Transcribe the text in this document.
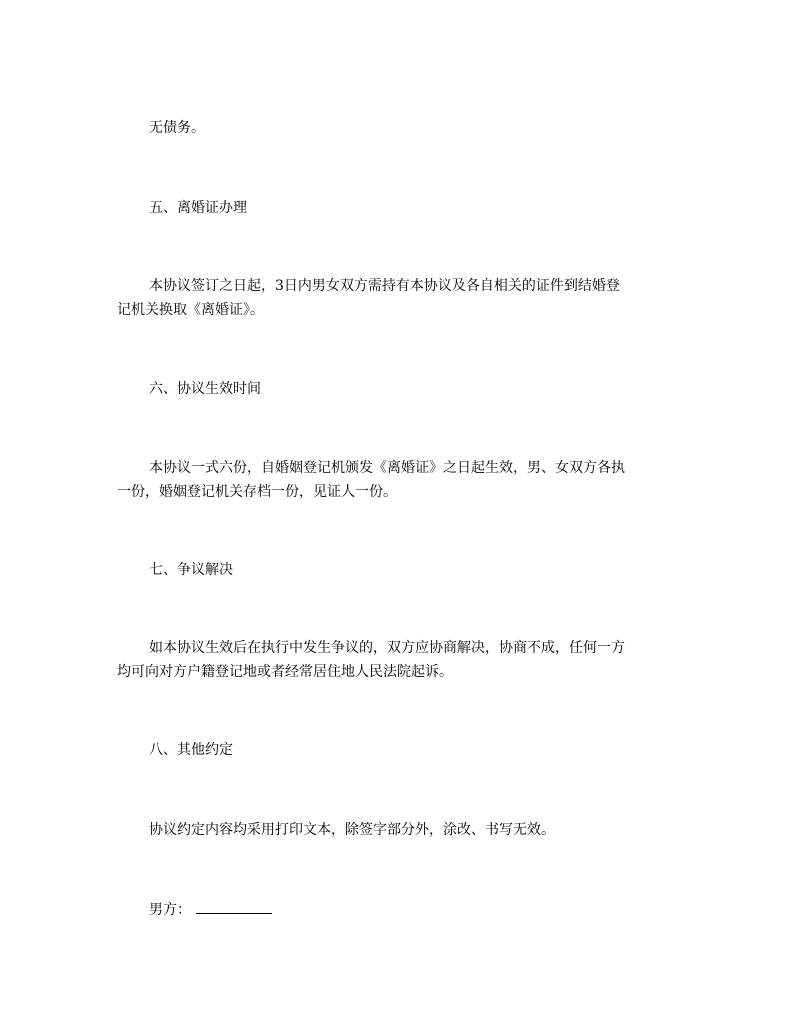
无债务。
五、离婚证办理
本协议签订之日起，3日内男女双方需持有本协议及各自相关的证件到结婚登
记机关换取《离婚证》。
六、协议生效时间
本协议一式六份，自婚姻登记机颁发《离婚证》之日起生效，男、女双方各执
一份，婚姻登记机关存档一份，见证人一份。
七、争议解决
如本协议生效后在执行中发生争议的，双方应协商解决，协商不成，任何一方
均可向对方户籍登记地或者经常居住地人民法院起诉。
八、其他约定
协议约定内容均采用打印文本，除签字部分外，涂改、书写无效。
男方：
